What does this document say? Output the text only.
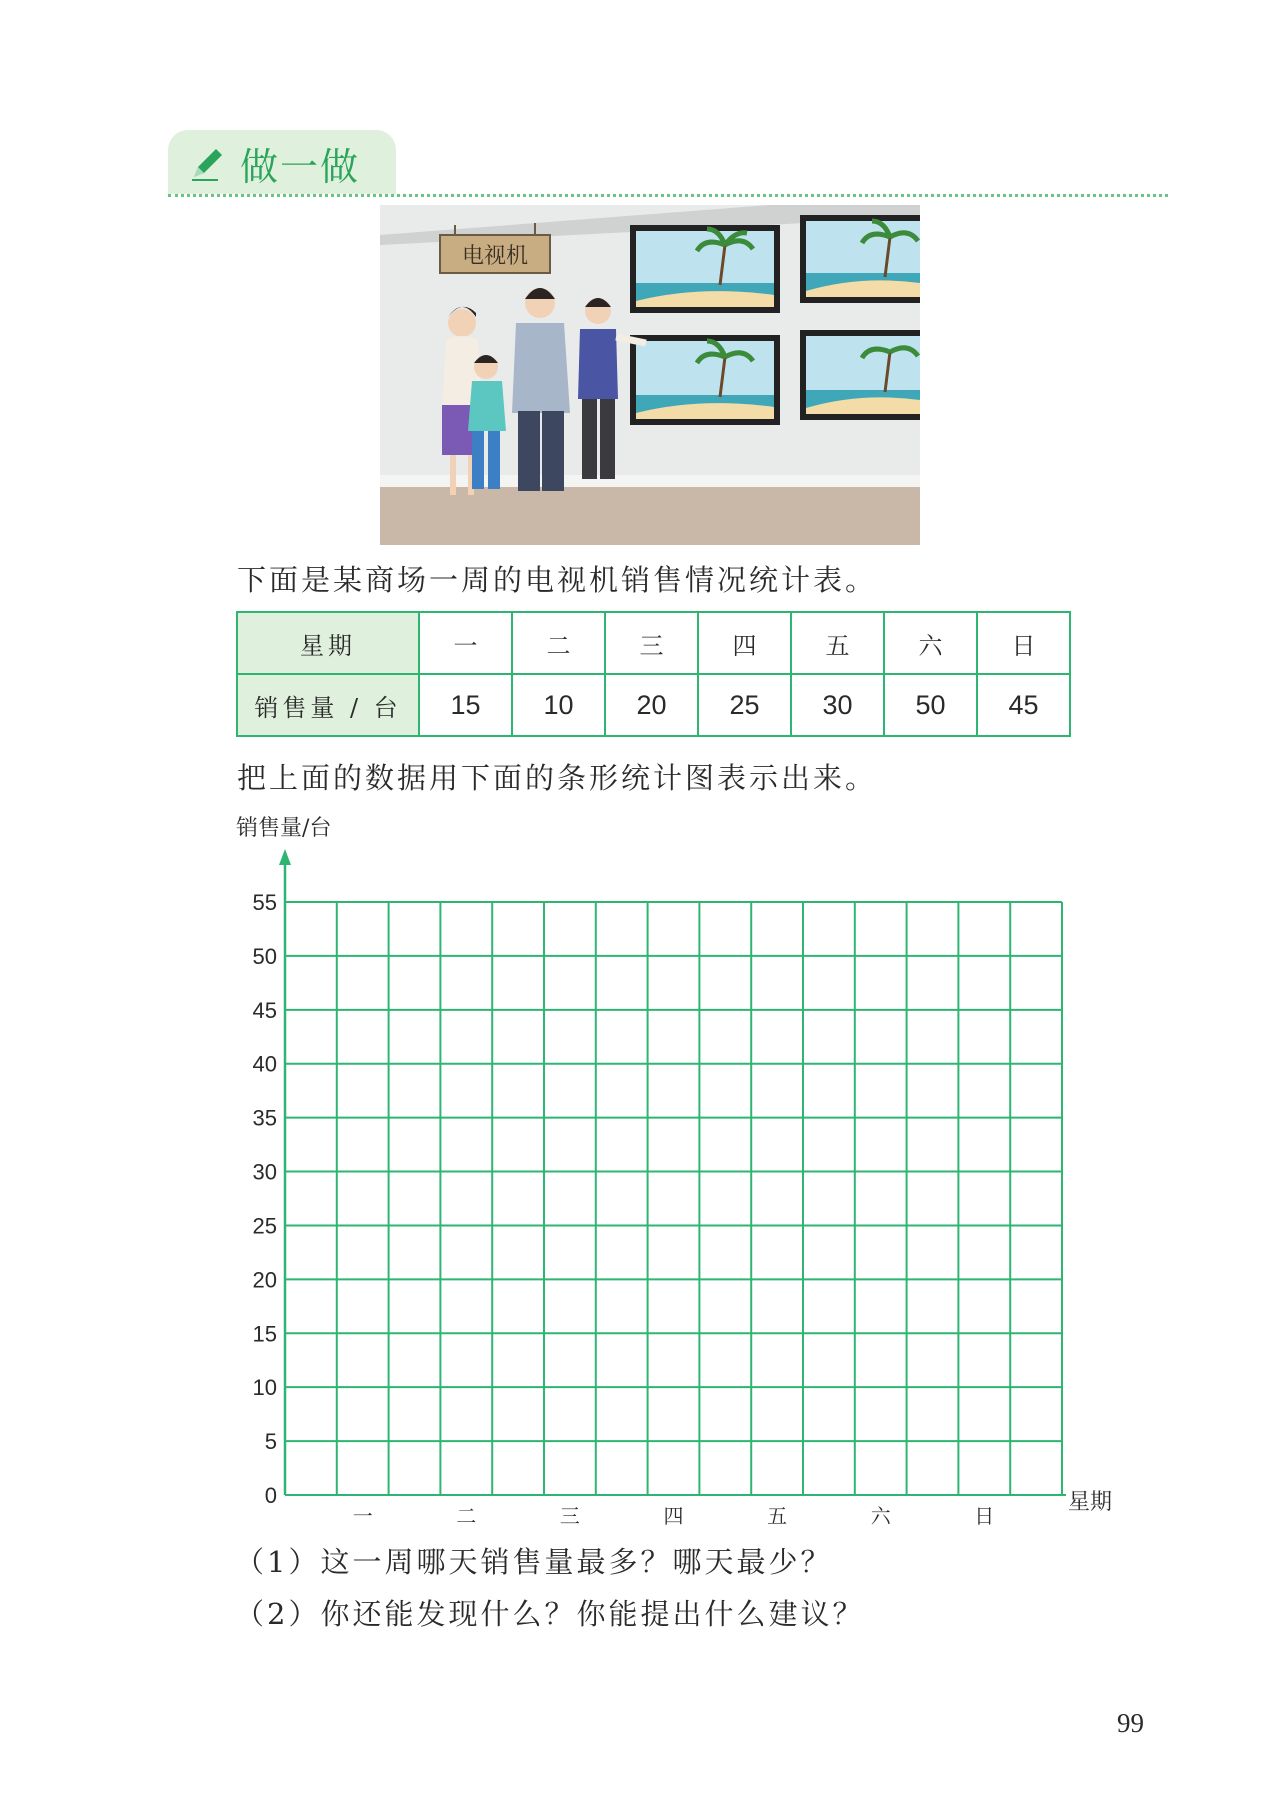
做一做
电视机
下面是某商场一周的电视机销售情况统计表。
星期	一	二	三	四	五	六	日
销售量 / 台	15	10	20	25	30	50	45
把上面的数据用下面的条形统计图表示出来。
销售量/台
星期
0
5
10
15
20
25
30
35
40
45
50
55
一	二	三	四	五	六	日
（1）这一周哪天销售量最多？哪天最少？
（2）你还能发现什么？你能提出什么建议？
99
